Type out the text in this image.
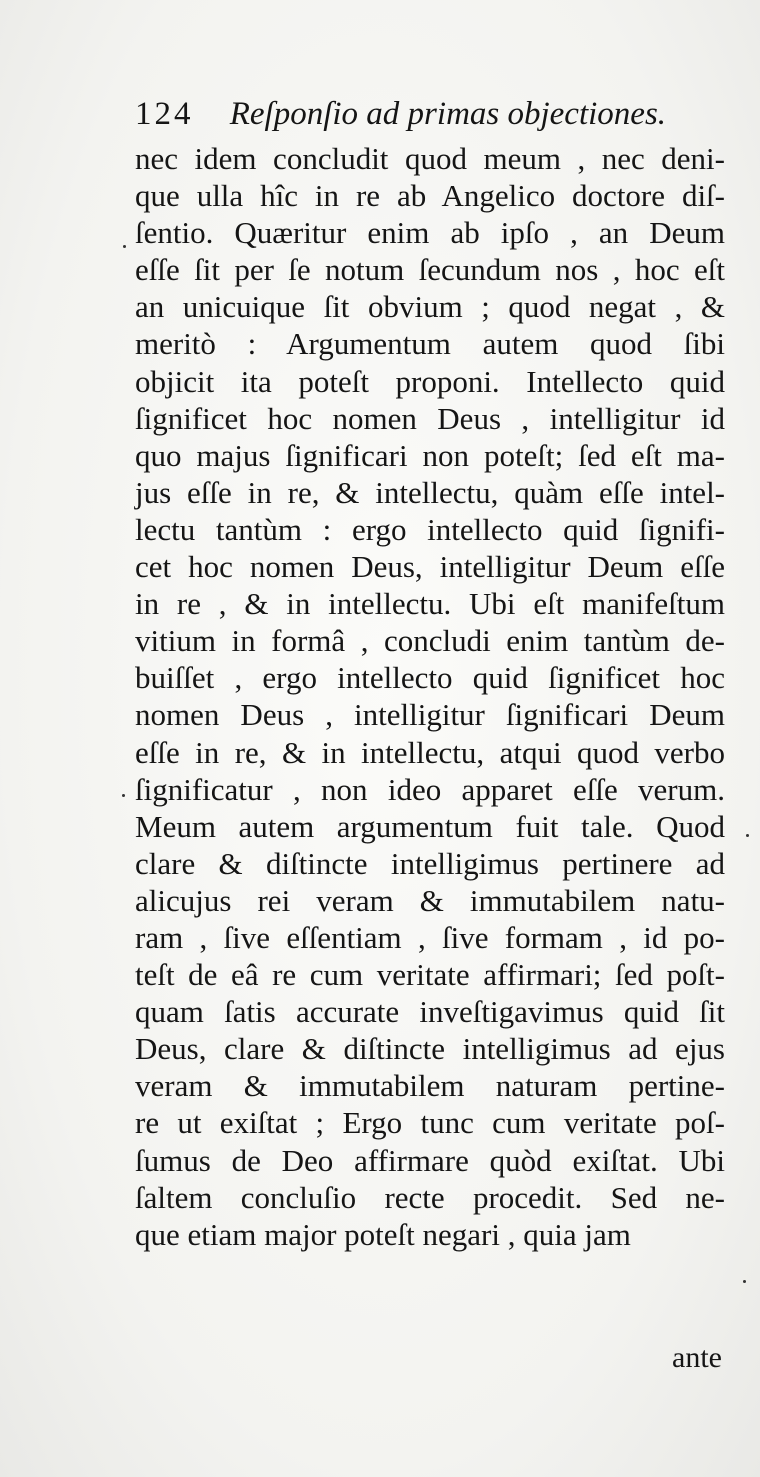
124 Reſponſio ad primas objectiones.
nec idem concludit quod meum , nec deni-
que ulla hîc in re ab Angelico doctore diſ-
ſentio. Quæritur enim ab ipſo , an Deum
eſſe ſit per ſe notum ſecundum nos , hoc eſt
an unicuique ſit obvium ; quod negat , &
meritò : Argumentum autem quod ſibi
objicit ita poteſt proponi. Intellecto quid
ſignificet hoc nomen Deus , intelligitur id
quo majus ſignificari non poteſt; ſed eſt ma-
jus eſſe in re, & intellectu, quàm eſſe intel-
lectu tantùm : ergo intellecto quid ſignifi-
cet hoc nomen Deus, intelligitur Deum eſſe
in re , & in intellectu. Ubi eſt manifeſtum
vitium in formâ , concludi enim tantùm de-
buiſſet , ergo intellecto quid ſignificet hoc
nomen Deus , intelligitur ſignificari Deum
eſſe in re, & in intellectu, atqui quod verbo
ſignificatur , non ideo apparet eſſe verum.
Meum autem argumentum fuit tale. Quod
clare & diſtincte intelligimus pertinere ad
alicujus rei veram & immutabilem natu-
ram , ſive eſſentiam , ſive formam , id po-
teſt de eâ re cum veritate affirmari; ſed poſt-
quam ſatis accurate inveſtigavimus quid ſit
Deus, clare & diſtincte intelligimus ad ejus
veram & immutabilem naturam pertine-
re ut exiſtat ; Ergo tunc cum veritate poſ-
ſumus de Deo affirmare quòd exiſtat. Ubi
ſaltem concluſio recte procedit. Sed ne-
que etiam major poteſt negari , quia jam
ante
